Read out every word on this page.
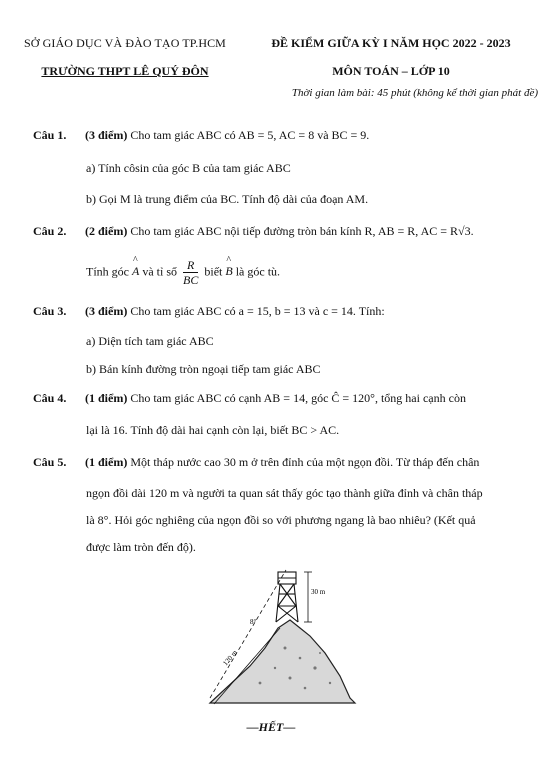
SỞ GIÁO DỤC VÀ ĐÀO TẠO TP.HCM
TRƯỜNG THPT LÊ QUÝ ĐÔN
ĐỀ KIỂM GIỮA KỲ I NĂM HỌC 2022 - 2023
MÔN TOÁN – LỚP 10
Thời gian làm bài: 45 phút (không kể thời gian phát đề)
Câu 1. (3 điểm) Cho tam giác ABC có AB = 5, AC = 8 và BC = 9.
a) Tính côsin của góc B của tam giác ABC
b) Gọi M là trung điểm của BC. Tính độ dài của đoạn AM.
Câu 2. (2 điểm) Cho tam giác ABC nội tiếp đường tròn bán kính R, AB = R, AC = R√3.
Tính góc ^ A và tỉ số $\frac{R}{BC}$ biết ^ B là góc tù.
Câu 3. (3 điểm) Cho tam giác ABC có a = 15, b = 13 và c = 14. Tính:
a) Diện tích tam giác ABC
b) Bán kính đường tròn ngoại tiếp tam giác ABC
Câu 4. (1 điểm) Cho tam giác ABC có cạnh AB = 14, góc Ĉ = 120°, tổng hai cạnh còn
lại là 16. Tính độ dài hai cạnh còn lại, biết BC > AC.
Câu 5. (1 điểm) Một tháp nước cao 30 m ở trên đỉnh của một ngọn đồi. Từ tháp đến chân
ngọn đồi dài 120 m và người ta quan sát thấy góc tạo thành giữa đỉnh và chân tháp
là 8°. Hỏi góc nghiêng của ngọn đồi so với phương ngang là bao nhiêu? (Kết quả
được làm tròn đến độ).
30 m
120 m
8°
—HẾT—
